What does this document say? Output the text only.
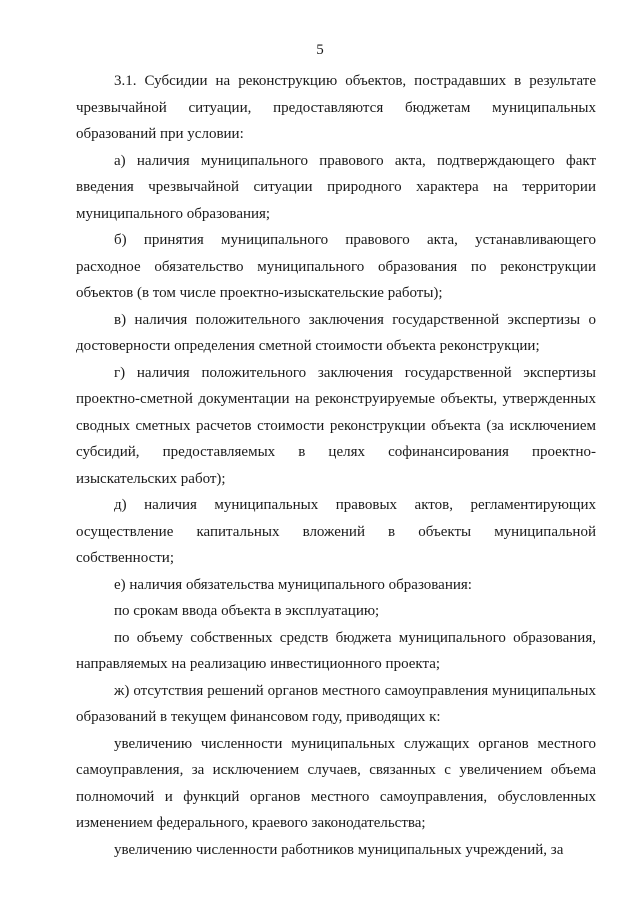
5

3.1. Субсидии на реконструкцию объектов, пострадавших в результате чрезвычайной ситуации, предоставляются бюджетам муниципальных образований при условии:

а) наличия муниципального правового акта, подтверждающего факт введения чрезвычайной ситуации природного характера на территории муниципального образования;

б) принятия муниципального правового акта, устанавливающего расходное обязательство муниципального образования по реконструкции объектов (в том числе проектно-изыскательские работы);

в) наличия положительного заключения государственной экспертизы о достоверности определения сметной стоимости объекта реконструкции;

г) наличия положительного заключения государственной экспертизы проектно-сметной документации на реконструируемые объекты, утвержденных сводных сметных расчетов стоимости реконструкции объекта (за исключением субсидий, предоставляемых в целях софинансирования проектно-изыскательских работ);

д) наличия муниципальных правовых актов, регламентирующих осуществление капитальных вложений в объекты муниципальной собственности;

е) наличия обязательства муниципального образования:

по срокам ввода объекта в эксплуатацию;

по объему собственных средств бюджета муниципального образования, направляемых на реализацию инвестиционного проекта;

ж) отсутствия решений органов местного самоуправления муниципальных образований в текущем финансовом году, приводящих к:

увеличению численности муниципальных служащих органов местного самоуправления, за исключением случаев, связанных с увеличением объема полномочий и функций органов местного самоуправления, обусловленных изменением федерального, краевого законодательства;

увеличению численности работников муниципальных учреждений, за
